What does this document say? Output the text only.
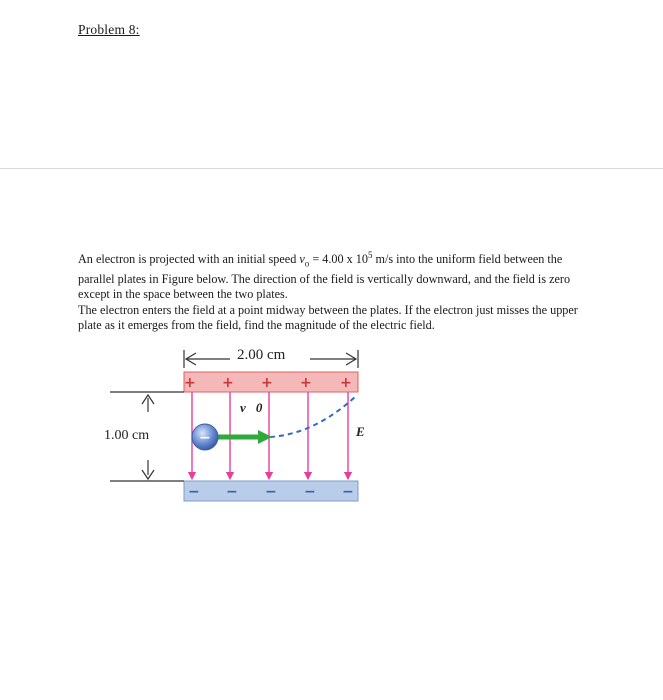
Problem 8:

An electron is projected with an initial speed $v_o = 4.00$ x $10^5$ m/s into the uniform field between the parallel plates in Figure below. The direction of the field is vertically downward, and the field is zero except in the space between the two plates.

The electron enters the field at a point midway between the plates. If the electron just misses the upper plate as it emerges from the field, find the magnitude of the electric field.

+ + + + +
− − − − −
−
2.00 cm
1.00 cm
v⃗0
E⃗
